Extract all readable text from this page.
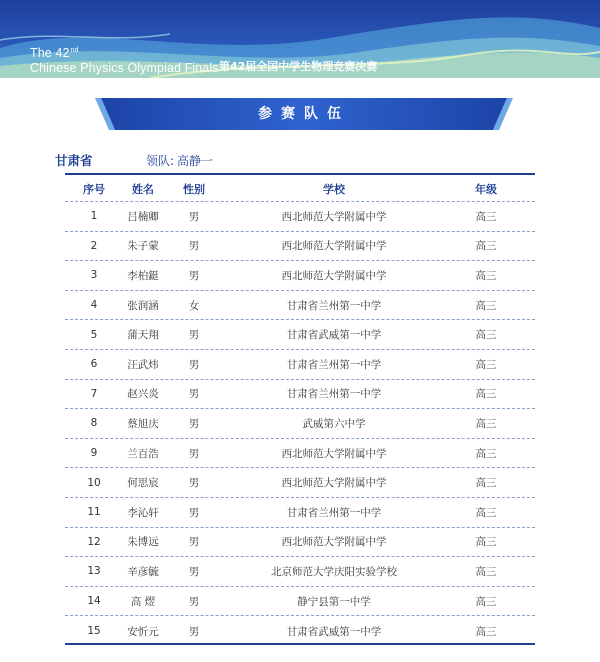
The 42nd
Chinese Physics Olympiad Finals 第42届全国中学生物理竞赛决赛
参赛队伍
甘肃省	领队: 高静一
序号	姓名	性别	学校	年级
1	吕楠卿	男	西北师范大学附属中学	高三
2	朱子蒙	男	西北师范大学附属中学	高三
3	李柏鋌	男	西北师范大学附属中学	高三
4	张润涵	女	甘肃省兰州第一中学	高三
5	蒲天翔	男	甘肃省武威第一中学	高三
6	汪武炜	男	甘肃省兰州第一中学	高三
7	赵兴炎	男	甘肃省兰州第一中学	高三
8	蔡旭庆	男	武威第六中学	高三
9	兰百浩	男	西北师范大学附属中学	高三
10	何思宸	男	西北师范大学附属中学	高三
11	李沁轩	男	甘肃省兰州第一中学	高三
12	朱博远	男	西北师范大学附属中学	高三
13	辛彦毓	男	北京师范大学庆阳实验学校	高三
14	高 熤	男	静宁县第一中学	高三
15	安忻元	男	甘肃省武威第一中学	高三
